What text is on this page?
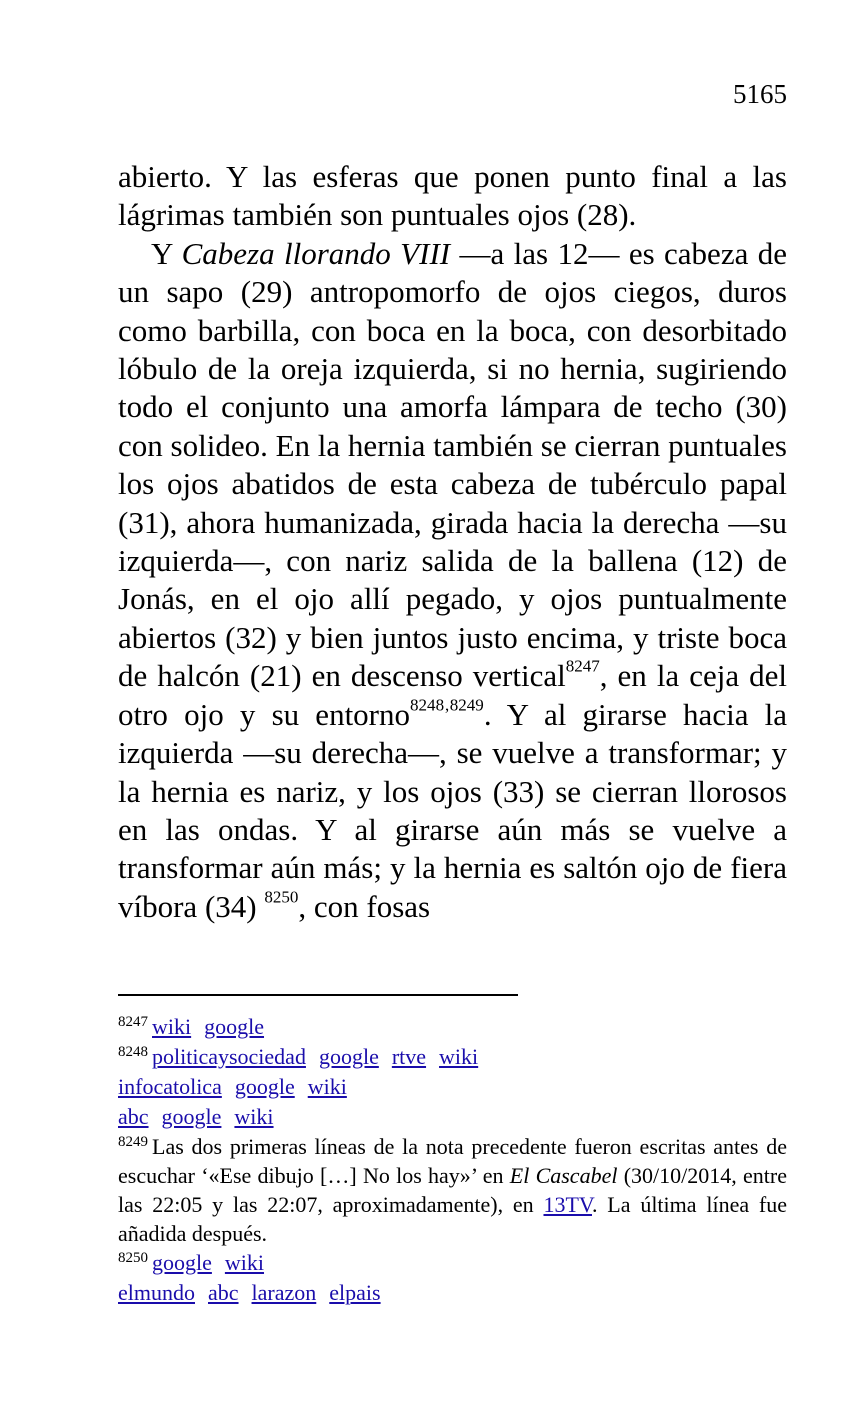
5165

abierto. Y las esferas que ponen punto final a las lágrimas también son puntuales ojos (28).

Y Cabeza llorando VIII —a las 12— es cabeza de un sapo (29) antropomorfo de ojos ciegos, duros como barbilla, con boca en la boca, con desorbitado lóbulo de la oreja izquierda, si no hernia, sugiriendo todo el conjunto una amorfa lámpara de techo (30) con solideo. En la hernia también se cierran puntuales los ojos abatidos de esta cabeza de tubérculo papal (31), ahora humanizada, girada hacia la derecha —su izquierda—, con nariz salida de la ballena (12) de Jonás, en el ojo allí pegado, y ojos puntualmente abiertos (32) y bien juntos justo encima, y triste boca de halcón (21) en descenso vertical$^{8247}$, en la ceja del otro ojo y su entorno$^{8248‚8249}$. Y al girarse hacia la izquierda —su derecha—, se vuelve a transformar; y la hernia es nariz, y los ojos (33) se cierran llorosos en las ondas. Y al girarse aún más se vuelve a transformar aún más; y la hernia es saltón ojo de fiera víbora (34) $^{8250}$, con fosas

$^{8247}$ wiki google

$^{8248}$ politicaysociedad google rtve wiki

infocatolica google wiki

abc google wiki

$^{8249}$ Las dos primeras líneas de la nota precedente fueron escritas antes de escuchar ‘«Ese dibujo […] No los hay»’ en El Cascabel (30/10/2014, entre las 22:05 y las 22:07, aproximadamente), en 13TV. La última línea fue añadida después.

$^{8250}$ google wiki

elmundo abc larazon elpais
